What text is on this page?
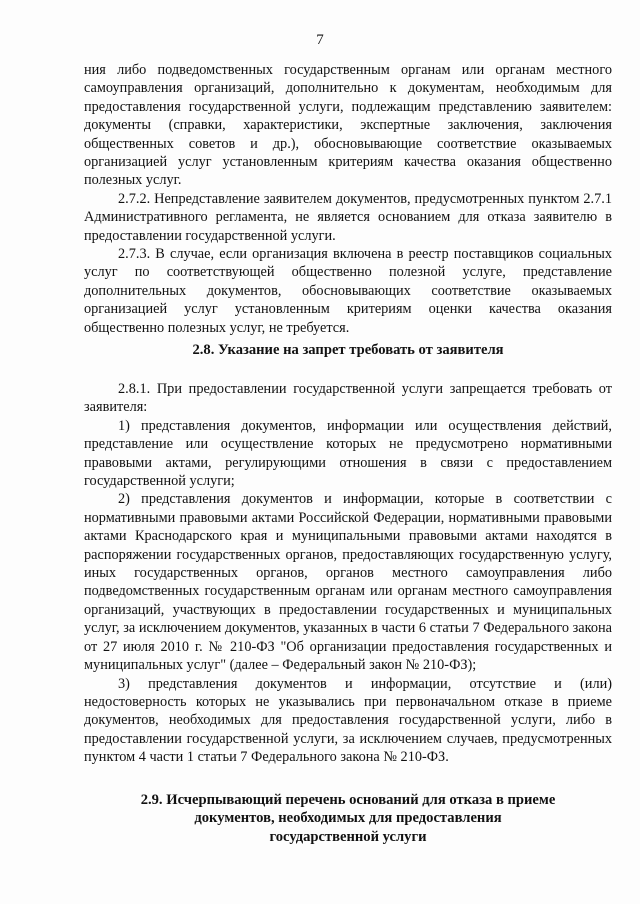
7

ния либо подведомственных государственным органам или органам местного самоуправления организаций, дополнительно к документам, необходимым для предоставления государственной услуги, подлежащим представлению заявителем: документы (справки, характеристики, экспертные заключения, заключения общественных советов и др.), обосновывающие соответствие оказываемых организацией услуг установленным критериям качества оказания общественно полезных услуг.

2.7.2. Непредставление заявителем документов, предусмотренных пунктом 2.7.1 Административного регламента, не является основанием для отказа заявителю в предоставлении государственной услуги.

2.7.3. В случае, если организация включена в реестр поставщиков социальных услуг по соответствующей общественно полезной услуге, представление дополнительных документов, обосновывающих соответствие оказываемых организацией услуг установленным критериям оценки качества оказания общественно полезных услуг, не требуется.

2.8. Указание на запрет требовать от заявителя

2.8.1. При предоставлении государственной услуги запрещается требовать от заявителя:

1) представления документов, информации или осуществления действий, представление или осуществление которых не предусмотрено нормативными правовыми актами, регулирующими отношения в связи с предоставлением государственной услуги;

2) представления документов и информации, которые в соответствии с нормативными правовыми актами Российской Федерации, нормативными правовыми актами Краснодарского края и муниципальными правовыми актами находятся в распоряжении государственных органов, предоставляющих государственную услугу, иных государственных органов, органов местного самоуправления либо подведомственных государственным органам или органам местного самоуправления организаций, участвующих в предоставлении государственных и муниципальных услуг, за исключением документов, указанных в части 6 статьи 7 Федерального закона от 27 июля 2010 г. № 210-ФЗ "Об организации предоставления государственных и муниципальных услуг" (далее – Федеральный закон № 210-ФЗ);

3) представления документов и информации, отсутствие и (или) недостоверность которых не указывались при первоначальном отказе в приеме документов, необходимых для предоставления государственной услуги, либо в предоставлении государственной услуги, за исключением случаев, предусмотренных пунктом 4 части 1 статьи 7 Федерального закона № 210-ФЗ.

2.9. Исчерпывающий перечень оснований для отказа в приеме
документов, необходимых для предоставления
государственной услуги
